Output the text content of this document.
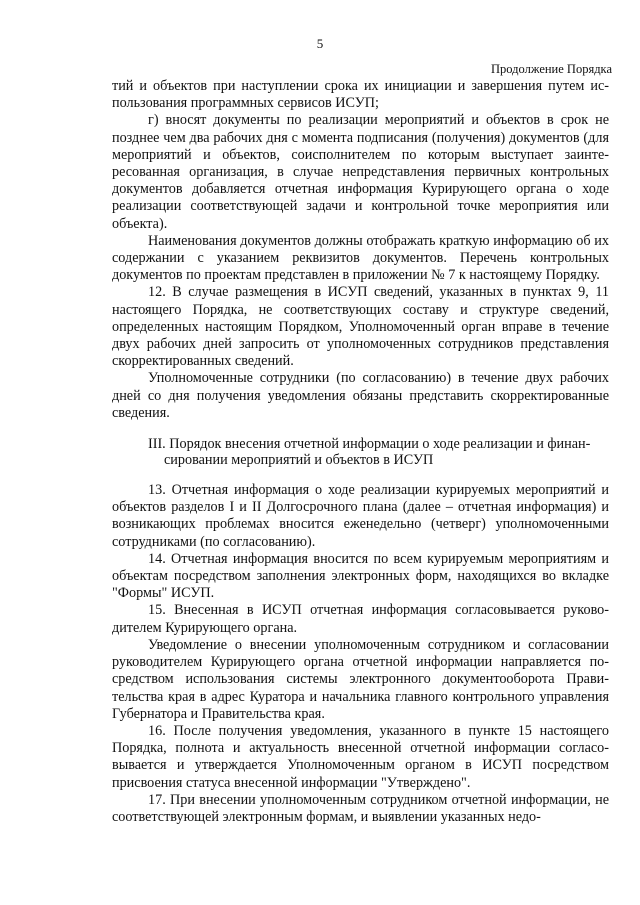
5
Продолжение Порядка

тий и объектов при наступлении срока их инициации и завершения путем использования программных сервисов ИСУП;

г) вносят документы по реализации мероприятий и объектов в срок не позднее чем два рабочих дня с момента подписания (получения) документов (для мероприятий и объектов, соисполнителем по которым выступает заинтересованная организация, в случае непредставления первичных контрольных документов добавляется отчетная информация Курирующего органа о ходе реализации соответствующей задачи и контрольной точке мероприятия или объекта).

Наименования документов должны отображать краткую информацию об их содержании с указанием реквизитов документов. Перечень контрольных документов по проектам представлен в приложении № 7 к настоящему Порядку.

12. В случае размещения в ИСУП сведений, указанных в пунктах 9, 11 настоящего Порядка, не соответствующих составу и структуре сведений, определенных настоящим Порядком, Уполномоченный орган вправе в течение двух рабочих дней запросить от уполномоченных сотрудников представления скорректированных сведений.

Уполномоченные сотрудники (по согласованию) в течение двух рабочих дней со дня получения уведомления обязаны представить скорректированные сведения.

III. Порядок внесения отчетной информации о ходе реализации и финан-
сировании мероприятий и объектов в ИСУП

13. Отчетная информация о ходе реализации курируемых мероприятий и объектов разделов I и II Долгосрочного плана (далее – отчетная информация) и возникающих проблемах вносится еженедельно (четверг) уполномоченными сотрудниками (по согласованию).

14. Отчетная информация вносится по всем курируемым мероприятиям и объектам посредством заполнения электронных форм, находящихся во вкладке "Формы" ИСУП.

15. Внесенная в ИСУП отчетная информация согласовывается руководителем Курирующего органа.

Уведомление о внесении уполномоченным сотрудником и согласовании руководителем Курирующего органа отчетной информации направляется посредством использования системы электронного документооборота Правительства края в адрес Куратора и начальника главного контрольного управления Губернатора и Правительства края.

16. После получения уведомления, указанного в пункте 15 настоящего Порядка, полнота и актуальность внесенной отчетной информации согласовывается и утверждается Уполномоченным органом в ИСУП посредством присвоения статуса внесенной информации "Утверждено".

17. При внесении уполномоченным сотрудником отчетной информации, не соответствующей электронным формам, и выявлении указанных недо-
